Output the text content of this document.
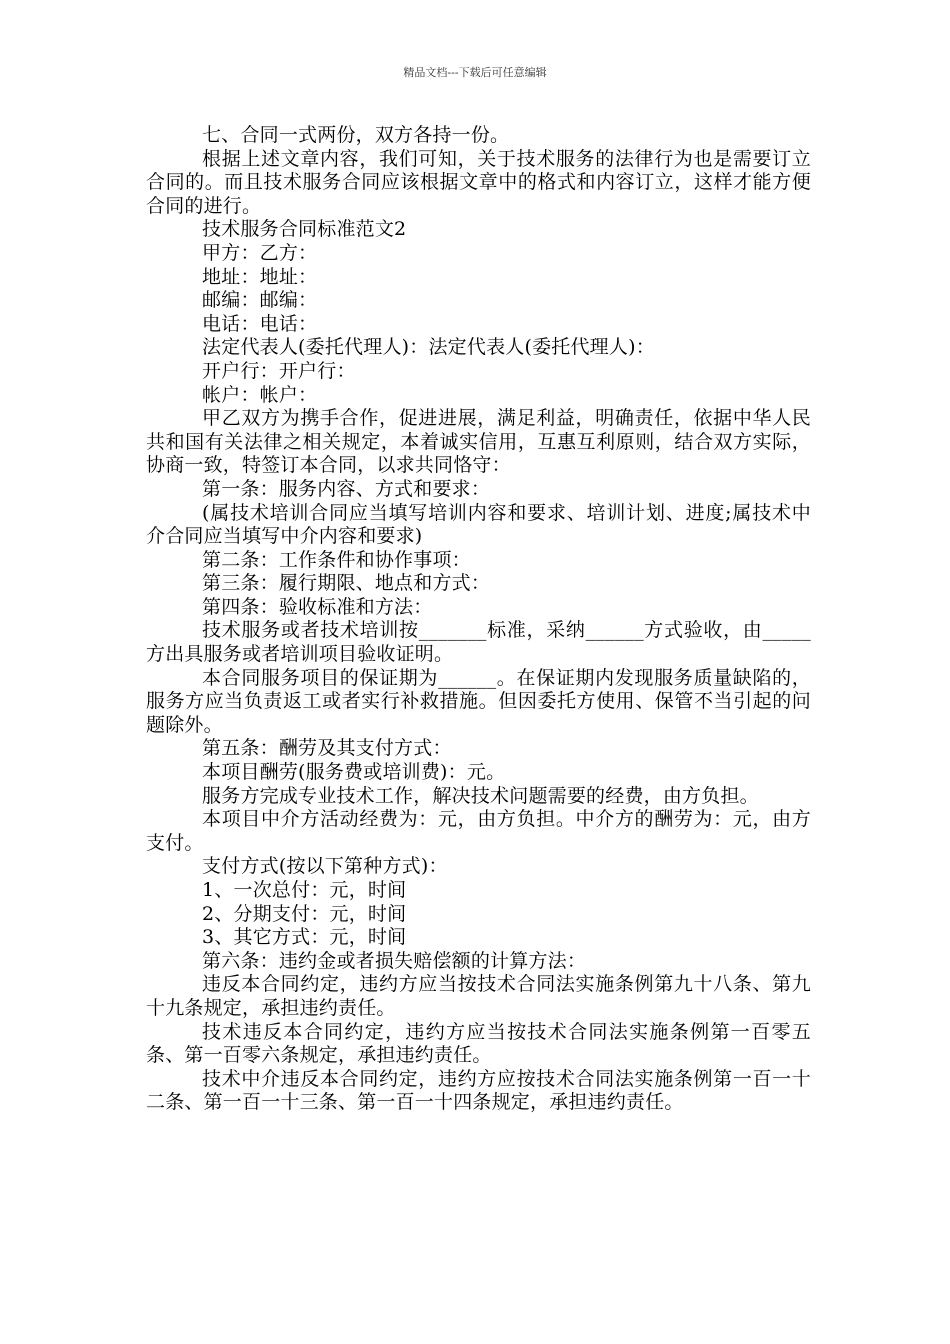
精品文档---下载后可任意编辑

七、合同一式两份，双方各持一份。

根据上述文章内容，我们可知，关于技术服务的法律行为也是需要订立合同的。而且技术服务合同应该根据文章中的格式和内容订立，这样才能方便合同的进行。

技术服务合同标准范文2

甲方：乙方：

地址：地址：

邮编：邮编：

电话：电话：

法定代表人(委托代理人)：法定代表人(委托代理人)：

开户行：开户行：

帐户：帐户：

甲乙双方为携手合作，促进进展，满足利益，明确责任，依据中华人民共和国有关法律之相关规定，本着诚实信用，互惠互利原则，结合双方实际，协商一致，特签订本合同，以求共同恪守：

第一条：服务内容、方式和要求：

(属技术培训合同应当填写培训内容和要求、培训计划、进度;属技术中介合同应当填写中介内容和要求)

第二条：工作条件和协作事项：

第三条：履行期限、地点和方式：

第四条：验收标准和方法：

技术服务或者技术培训按_______标准，采纳______方式验收，由_____方出具服务或者培训项目验收证明。

本合同服务项目的保证期为______。在保证期内发现服务质量缺陷的，服务方应当负责返工或者实行补救措施。但因委托方使用、保管不当引起的问题除外。

第五条：酬劳及其支付方式：

本项目酬劳(服务费或培训费)：元。

服务方完成专业技术工作，解决技术问题需要的经费，由方负担。

本项目中介方活动经费为：元，由方负担。中介方的酬劳为：元，由方支付。

支付方式(按以下第种方式)：

1、一次总付：元，时间

2、分期支付：元，时间

3、其它方式：元，时间

第六条：违约金或者损失赔偿额的计算方法：

违反本合同约定，违约方应当按技术合同法实施条例第九十八条、第九十九条规定，承担违约责任。

技术违反本合同约定，违约方应当按技术合同法实施条例第一百零五条、第一百零六条规定，承担违约责任。

技术中介违反本合同约定，违约方应按技术合同法实施条例第一百一十二条、第一百一十三条、第一百一十四条规定，承担违约责任。
